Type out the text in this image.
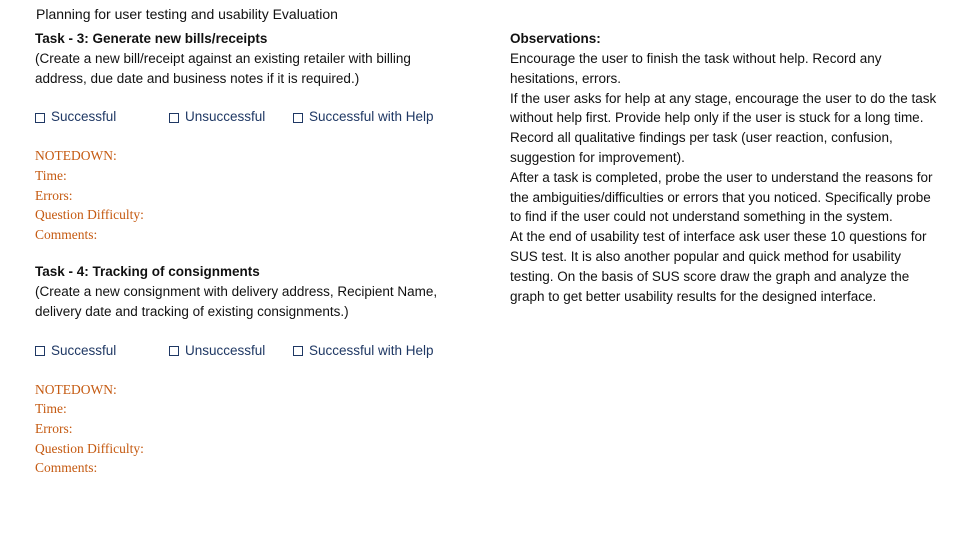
Planning for user testing and usability Evaluation
Task - 3: Generate new bills/receipts
(Create a new bill/receipt against an existing retailer with billing address, due date and business notes if it is required.)
Successful	Unsuccessful	Successful with Help
NOTEDOWN:
Time:
Errors:
Question Difficulty:
Comments:
Task - 4: Tracking of consignments
(Create a new consignment with delivery address, Recipient Name, delivery date and tracking of existing consignments.)
Successful	Unsuccessful	Successful with Help
NOTEDOWN:
Time:
Errors:
Question Difficulty:
Comments:
Observations:
Encourage the user to finish the task without help. Record any hesitations, errors.
If the user asks for help at any stage, encourage the user to do the task without help first. Provide help only if the user is stuck for a long time. Record all qualitative findings per task (user reaction, confusion, suggestion for improvement).
After a task is completed, probe the user to understand the reasons for the ambiguities/difficulties or errors that you noticed. Specifically probe to find if the user could not understand something in the system.
At the end of usability test of interface ask user these 10 questions for SUS test. It is also another popular and quick method for usability testing. On the basis of SUS score draw the graph and analyze the graph to get better usability results for the designed interface.
